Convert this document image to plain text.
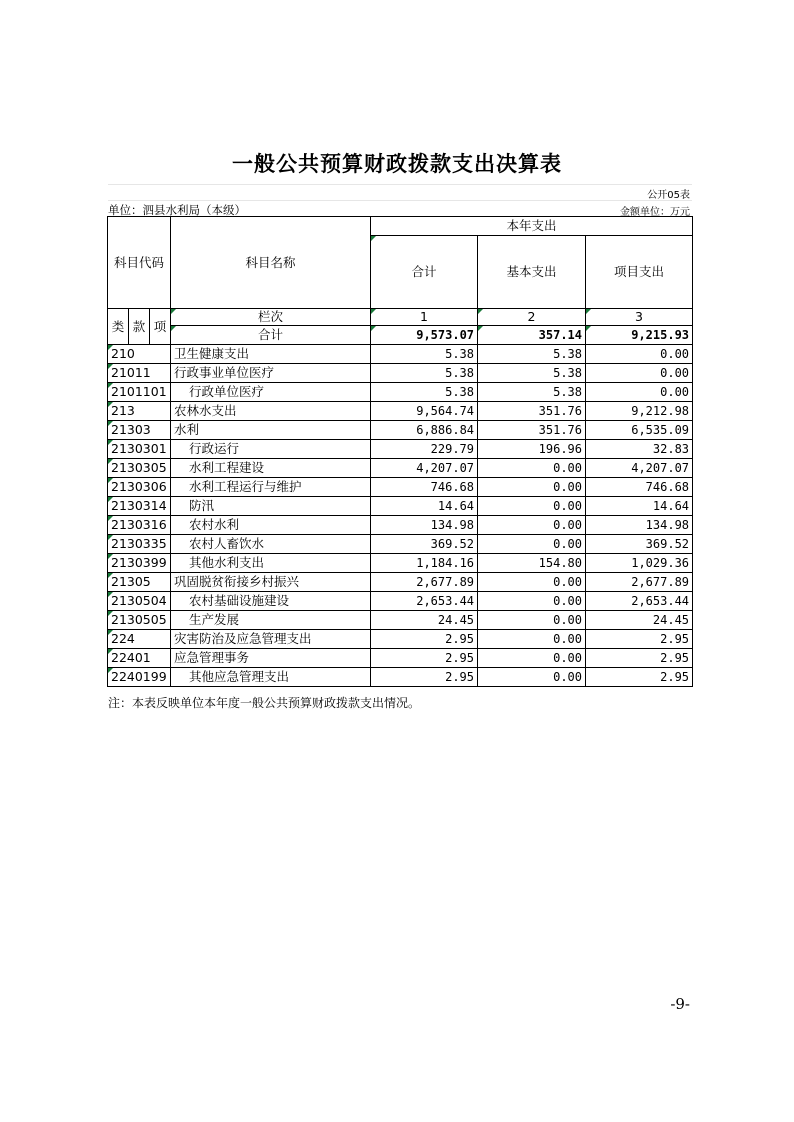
一般公共预算财政拨款支出决算表
公开05表
单位：泗县水利局（本级）	金额单位：万元
科目代码			科目名称	本年支出		
				合计	基本支出	项目支出

类	款	项	栏次	1	2	3
			合计	9,573.07	357.14	9,215.93
210			卫生健康支出	5.38	5.38	0.00
21011			行政事业单位医疗	5.38	5.38	0.00
2101101			行政单位医疗	5.38	5.38	0.00
213			农林水支出	9,564.74	351.76	9,212.98
21303			水利	6,886.84	351.76	6,535.09
2130301			行政运行	229.79	196.96	32.83
2130305			水利工程建设	4,207.07	0.00	4,207.07
2130306			水利工程运行与维护	746.68	0.00	746.68
2130314			防汛	14.64	0.00	14.64
2130316			农村水利	134.98	0.00	134.98
2130335			农村人畜饮水	369.52	0.00	369.52
2130399			其他水利支出	1,184.16	154.80	1,029.36
21305			巩固脱贫衔接乡村振兴	2,677.89	0.00	2,677.89
2130504			农村基础设施建设	2,653.44	0.00	2,653.44
2130505			生产发展	24.45	0.00	24.45
224			灾害防治及应急管理支出	2.95	0.00	2.95
22401			应急管理事务	2.95	0.00	2.95
2240199			其他应急管理支出	2.95	0.00	2.95
注：本表反映单位本年度一般公共预算财政拨款支出情况。
-9-
